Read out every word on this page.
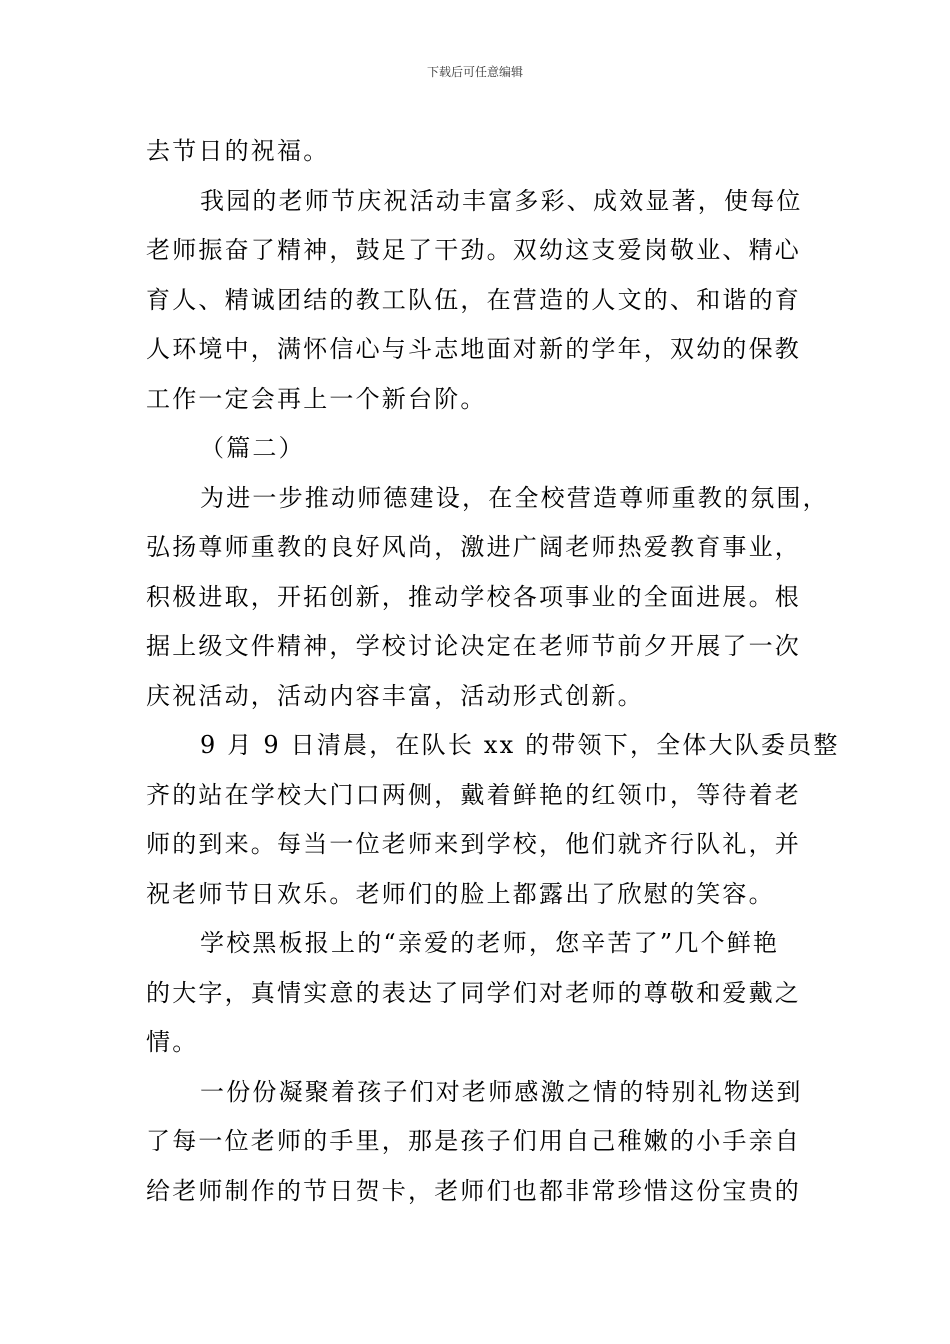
下载后可任意编辑
去节日的祝福。
我园的老师节庆祝活动丰富多彩、成效显著，使每位
老师振奋了精神，鼓足了干劲。双幼这支爱岗敬业、精心
育人、精诚团结的教工队伍，在营造的人文的、和谐的育
人环境中，满怀信心与斗志地面对新的学年，双幼的保教
工作一定会再上一个新台阶。
（篇二）
为进一步推动师德建设，在全校营造尊师重教的氛围，
弘扬尊师重教的良好风尚，激进广阔老师热爱教育事业，
积极进取，开拓创新，推动学校各项事业的全面进展。根
据上级文件精神，学校讨论决定在老师节前夕开展了一次
庆祝活动，活动内容丰富，活动形式创新。
9 月 9 日清晨，在队长 xx 的带领下，全体大队委员整
齐的站在学校大门口两侧，戴着鲜艳的红领巾，等待着老
师的到来。每当一位老师来到学校，他们就齐行队礼，并
祝老师节日欢乐。老师们的脸上都露出了欣慰的笑容。
学校黑板报上的“亲爱的老师，您辛苦了”几个鲜艳
的大字，真情实意的表达了同学们对老师的尊敬和爱戴之
情。
一份份凝聚着孩子们对老师感激之情的特别礼物送到
了每一位老师的手里，那是孩子们用自己稚嫩的小手亲自
给老师制作的节日贺卡，老师们也都非常珍惜这份宝贵的
